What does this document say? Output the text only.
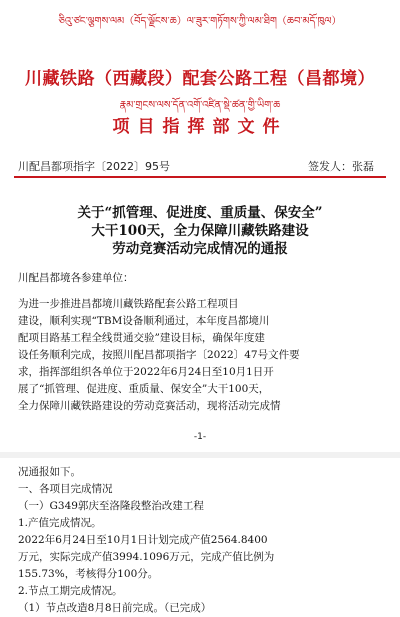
ཅིའུ་ཙང་ལྕགས་ལམ（བོད་ལྗོངས་ཆ）ལ་ཟུར་གཏོགས་ཀྱི་ལམ་ཐིག（ཆབ་མདོ་ཁུལ）
川藏铁路（西藏段）配套公路工程（昌都境）
རྣམ་གྲངས་ལས་དོན་འགོ་འཛིན་སྡེ་ཚན་གྱི་ཡིག་ཆ
项目指挥部文件
川配昌都项指字〔2022〕95号	签发人：张磊
关于“抓管理、促进度、重质量、保安全”
大干100天，全力保障川藏铁路建设
劳动竞赛活动完成情况的通报
川配昌都境各参建单位：
为进一步推进昌都境川藏铁路配套公路工程项目
建设，顺利实现“TBM设备顺利通过，本年度昌都境川
配项目路基工程全线贯通交验”建设目标，确保年度建
设任务顺利完成，按照川配昌都项指字〔2022〕47号文件要
求，指挥部组织各单位于2022年6月24日至10月1日开
展了“抓管理、促进度、重质量、保安全”大干100天，
全力保障川藏铁路建设的劳动竞赛活动，现将活动完成情
-1-
况通报如下。
一、各项目完成情况
（一）G349郭庆至洛隆段整治改建工程
1.产值完成情况。
2022年6月24日至10月1日计划完成产值2564.8400
万元，实际完成产值3994.1096万元，完成产值比例为
155.73%，考核得分100分。
2.节点工期完成情况。
（1）节点改造8月8日前完成。（已完成）
